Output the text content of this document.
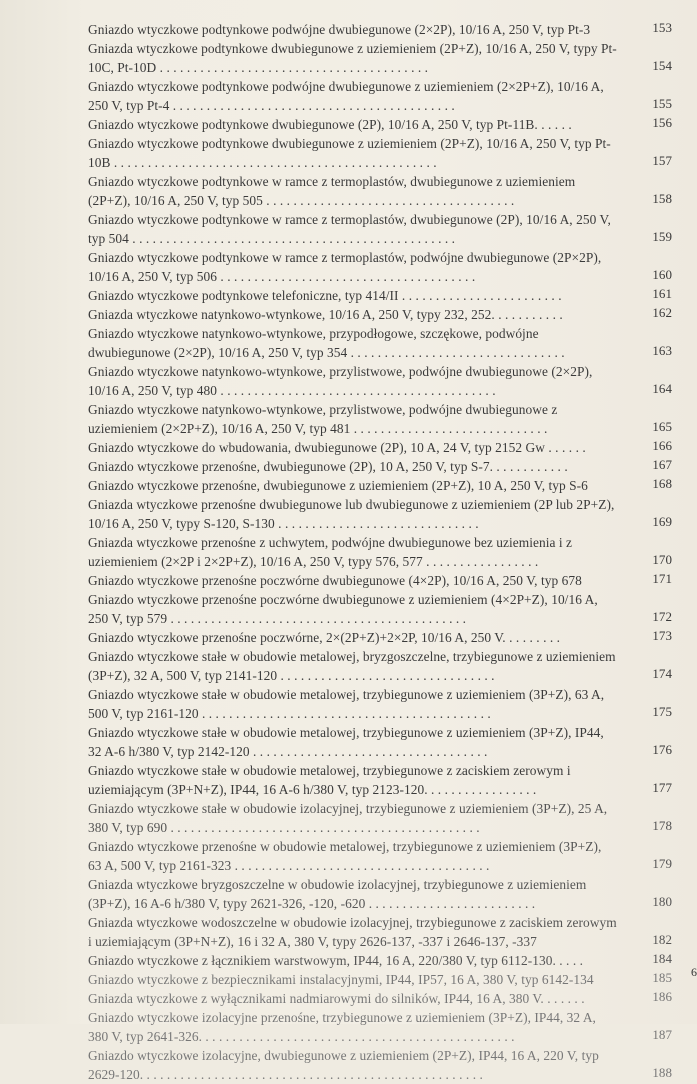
Gniazdo wtyczkowe podtynkowe podwójne dwubiegunowe (2×2P), 10/16 A, 250 V, typ Pt-3	153
Gniazda wtyczkowe podtynkowe dwubiegunowe z uziemieniem (2P+Z), 10/16 A, 250 V, typy Pt-10C, Pt-10D . . . . . . . . . . . . . . . . . . . . . . . . . . . . . . . . . . . . . . . .	154
Gniazdo wtyczkowe podtynkowe podwójne dwubiegunowe z uziemieniem (2×2P+Z), 10/16 A, 250 V, typ Pt-4 . . . . . . . . . . . . . . . . . . . . . . . . . . . . . . . . . . . . . . . . . .	155
Gniazdo wtyczkowe podtynkowe dwubiegunowe (2P), 10/16 A, 250 V, typ Pt-11B. . . . . .	156
Gniazdo wtyczkowe podtynkowe dwubiegunowe z uziemieniem (2P+Z), 10/16 A, 250 V, typ Pt-10B . . . . . . . . . . . . . . . . . . . . . . . . . . . . . . . . . . . . . . . . . . . . . . . .	157
Gniazdo wtyczkowe podtynkowe w ramce z termoplastów, dwubiegunowe z uziemieniem (2P+Z), 10/16 A, 250 V, typ 505 . . . . . . . . . . . . . . . . . . . . . . . . . . . . . . . . . . . . .	158
Gniazdo wtyczkowe podtynkowe w ramce z termoplastów, dwubiegunowe (2P), 10/16 A, 250 V, typ 504 . . . . . . . . . . . . . . . . . . . . . . . . . . . . . . . . . . . . . . . . . . . . . . . .	159
Gniazdo wtyczkowe podtynkowe w ramce z termoplastów, podwójne dwubiegunowe (2P×2P), 10/16 A, 250 V, typ 506 . . . . . . . . . . . . . . . . . . . . . . . . . . . . . . . . . . . . . .	160
Gniazdo wtyczkowe podtynkowe telefoniczne, typ 414/II . . . . . . . . . . . . . . . . . . . . . . . .	161
Gniazda wtyczkowe natynkowo-wtynkowe, 10/16 A, 250 V, typy 232, 252. . . . . . . . . . .	162
Gniazdo wtyczkowe natynkowo-wtynkowe, przypodłogowe, szczękowe, podwójne dwubiegunowe (2×2P), 10/16 A, 250 V, typ 354 . . . . . . . . . . . . . . . . . . . . . . . . . . . . . . . .	163
Gniazdo wtyczkowe natynkowo-wtynkowe, przylistwowe, podwójne dwubiegunowe (2×2P), 10/16 A, 250 V, typ 480 . . . . . . . . . . . . . . . . . . . . . . . . . . . . . . . . . . . . . . . . .	164
Gniazdo wtyczkowe natynkowo-wtynkowe, przylistwowe, podwójne dwubiegunowe z uziemieniem (2×2P+Z), 10/16 A, 250 V, typ 481 . . . . . . . . . . . . . . . . . . . . . . . . . . . . .	165
Gniazdo wtyczkowe do wbudowania, dwubiegunowe (2P), 10 A, 24 V, typ 2152 Gw . . . . . .	166
Gniazdo wtyczkowe przenośne, dwubiegunowe (2P), 10 A, 250 V, typ S-7. . . . . . . . . . . .	167
Gniazdo wtyczkowe przenośne, dwubiegunowe z uziemieniem (2P+Z), 10 A, 250 V, typ S-6	168
Gniazda wtyczkowe przenośne dwubiegunowe lub dwubiegunowe z uziemieniem (2P lub 2P+Z), 10/16 A, 250 V, typy S-120, S-130 . . . . . . . . . . . . . . . . . . . . . . . . . . . . . .	169
Gniazda wtyczkowe przenośne z uchwytem, podwójne dwubiegunowe bez uziemienia i z uziemieniem (2×2P i 2×2P+Z), 10/16 A, 250 V, typy 576, 577 . . . . . . . . . . . . . . . . .	170
Gniazdo wtyczkowe przenośne poczwórne dwubiegunowe (4×2P), 10/16 A, 250 V, typ 678	171
Gniazdo wtyczkowe przenośne poczwórne dwubiegunowe z uziemieniem (4×2P+Z), 10/16 A, 250 V, typ 579 . . . . . . . . . . . . . . . . . . . . . . . . . . . . . . . . . . . . . . . . . . . .	172
Gniazdo wtyczkowe przenośne poczwórne, 2×(2P+Z)+2×2P, 10/16 A, 250 V. . . . . . . . .	173
Gniazdo wtyczkowe stałe w obudowie metalowej, bryzgoszczelne, trzybiegunowe z uziemieniem (3P+Z), 32 A, 500 V, typ 2141-120 . . . . . . . . . . . . . . . . . . . . . . . . . . . . . . . .	174
Gniazdo wtyczkowe stałe w obudowie metalowej, trzybiegunowe z uziemieniem (3P+Z), 63 A, 500 V, typ 2161-120 . . . . . . . . . . . . . . . . . . . . . . . . . . . . . . . . . . . . . . . . . . .	175
Gniazdo wtyczkowe stałe w obudowie metalowej, trzybiegunowe z uziemieniem (3P+Z), IP44, 32 A-6 h/380 V, typ 2142-120 . . . . . . . . . . . . . . . . . . . . . . . . . . . . . . . . . . .	176
Gniazdo wtyczkowe stałe w obudowie metalowej, trzybiegunowe z zaciskiem zerowym i uziemiającym (3P+N+Z), IP44, 16 A-6 h/380 V, typ 2123-120. . . . . . . . . . . . . . . . .	177
Gniazdo wtyczkowe stałe w obudowie izolacyjnej, trzybiegunowe z uziemieniem (3P+Z), 25 A, 380 V, typ 690 . . . . . . . . . . . . . . . . . . . . . . . . . . . . . . . . . . . . . . . . . . . . . .	178
Gniazdo wtyczkowe przenośne w obudowie metalowej, trzybiegunowe z uziemieniem (3P+Z), 63 A, 500 V, typ 2161-323 . . . . . . . . . . . . . . . . . . . . . . . . . . . . . . . . . . . . . .	179
Gniazda wtyczkowe bryzgoszczelne w obudowie izolacyjnej, trzybiegunowe z uziemieniem (3P+Z), 16 A-6 h/380 V, typy 2621-326, -120, -620 . . . . . . . . . . . . . . . . . . . . . . . . .	180
Gniazda wtyczkowe wodoszczelne w obudowie izolacyjnej, trzybiegunowe z zaciskiem zerowym i uziemiającym (3P+N+Z), 16 i 32 A, 380 V, typy 2626-137, -337 i 2646-137, -337	182
Gniazdo wtyczkowe z łącznikiem warstwowym, IP44, 16 A, 220/380 V, typ 6112-130. . . . .	184
Gniazdo wtyczkowe z bezpiecznikami instalacyjnymi, IP44, IP57, 16 A, 380 V, typ 6142-134	185
Gniazda wtyczkowe z wyłącznikami nadmiarowymi do silników, IP44, 16 A, 380 V. . . . . . .	186
Gniazdo wtyczkowe izolacyjne przenośne, trzybiegunowe z uziemieniem (3P+Z), IP44, 32 A, 380 V, typ 2641-326. . . . . . . . . . . . . . . . . . . . . . . . . . . . . . . . . . . . . . . . . . . . . . .	187
Gniazdo wtyczkowe izolacyjne, dwubiegunowe z uziemieniem (2P+Z), IP44, 16 A, 220 V, typ 2629-120. . . . . . . . . . . . . . . . . . . . . . . . . . . . . . . . . . . . . . . . . . . . . . . . . . .	188
6
